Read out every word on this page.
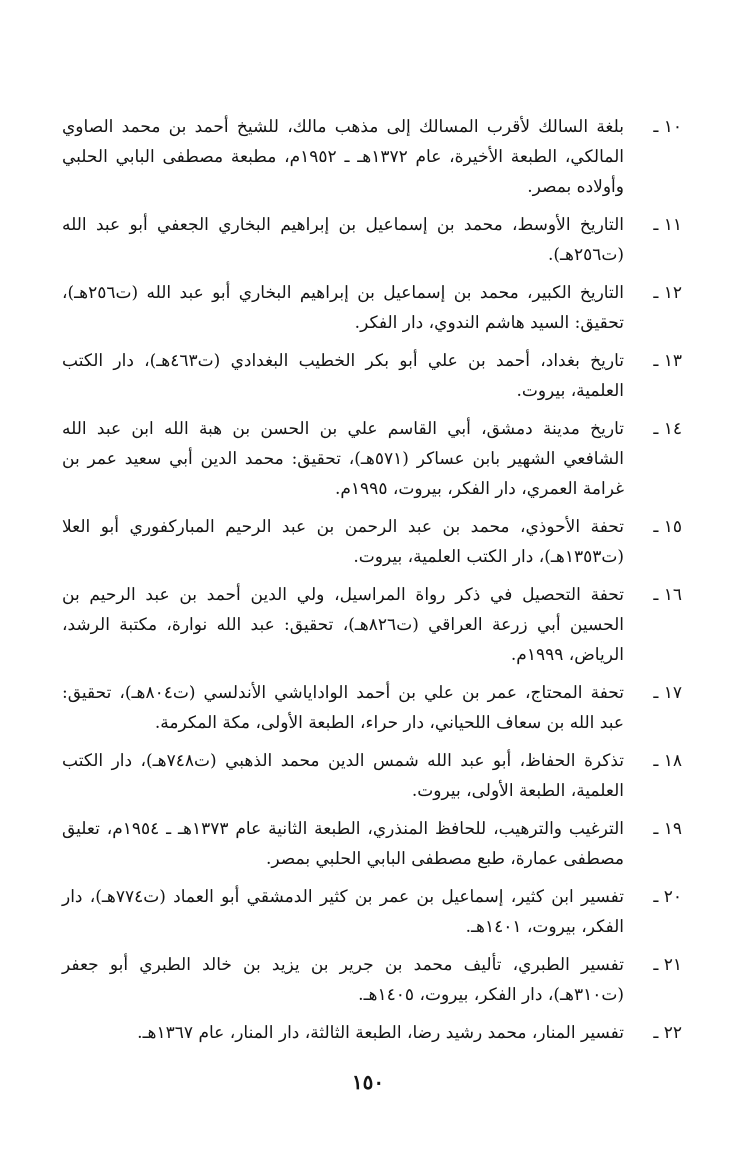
١٠ ـ
بلغة السالك لأقرب المسالك إلى مذهب مالك، للشيخ أحمد بن محمد الصاوي المالكي، الطبعة الأخيرة، عام ١٣٧٢هـ ـ ١٩٥٢م، مطبعة مصطفى البابي الحلبي وأولاده بمصر.
١١ ـ
التاريخ الأوسط، محمد بن إسماعيل بن إبراهيم البخاري الجعفي أبو عبد الله (ت٢٥٦هـ).
١٢ ـ
التاريخ الكبير، محمد بن إسماعيل بن إبراهيم البخاري أبو عبد الله (ت٢٥٦هـ)، تحقيق: السيد هاشم الندوي، دار الفكر.
١٣ ـ
تاريخ بغداد، أحمد بن علي أبو بكر الخطيب البغدادي (ت٤٦٣هـ)، دار الكتب العلمية، بيروت.
١٤ ـ
تاريخ مدينة دمشق، أبي القاسم علي بن الحسن بن هبة الله ابن عبد الله الشافعي الشهير بابن عساكر (٥٧١هـ)، تحقيق: محمد الدين أبي سعيد عمر بن غرامة العمري، دار الفكر، بيروت، ١٩٩٥م.
١٥ ـ
تحفة الأحوذي، محمد بن عبد الرحمن بن عبد الرحيم المباركفوري أبو العلا (ت١٣٥٣هـ)، دار الكتب العلمية، بيروت.
١٦ ـ
تحفة التحصيل في ذكر رواة المراسيل، ولي الدين أحمد بن عبد الرحيم بن الحسين أبي زرعة العراقي (ت٨٢٦هـ)، تحقيق: عبد الله نوارة، مكتبة الرشد، الرياض، ١٩٩٩م.
١٧ ـ
تحفة المحتاج، عمر بن علي بن أحمد الواداياشي الأندلسي (ت٨٠٤هـ)، تحقيق: عبد الله بن سعاف اللحياني، دار حراء، الطبعة الأولى، مكة المكرمة.
١٨ ـ
تذكرة الحفاظ، أبو عبد الله شمس الدين محمد الذهبي (ت٧٤٨هـ)، دار الكتب العلمية، الطبعة الأولى، بيروت.
١٩ ـ
الترغيب والترهيب، للحافظ المنذري، الطبعة الثانية عام ١٣٧٣هـ ـ ١٩٥٤م، تعليق مصطفى عمارة، طبع مصطفى البابي الحلبي بمصر.
٢٠ ـ
تفسير ابن كثير، إسماعيل بن عمر بن كثير الدمشقي أبو العماد (ت٧٧٤هـ)، دار الفكر، بيروت، ١٤٠١هـ.
٢١ ـ
تفسير الطبري، تأليف محمد بن جرير بن يزيد بن خالد الطبري أبو جعفر (ت٣١٠هـ)، دار الفكر، بيروت، ١٤٠٥هـ.
٢٢ ـ
تفسير المنار، محمد رشيد رضا، الطبعة الثالثة، دار المنار، عام ١٣٦٧هـ.
١٥٠
